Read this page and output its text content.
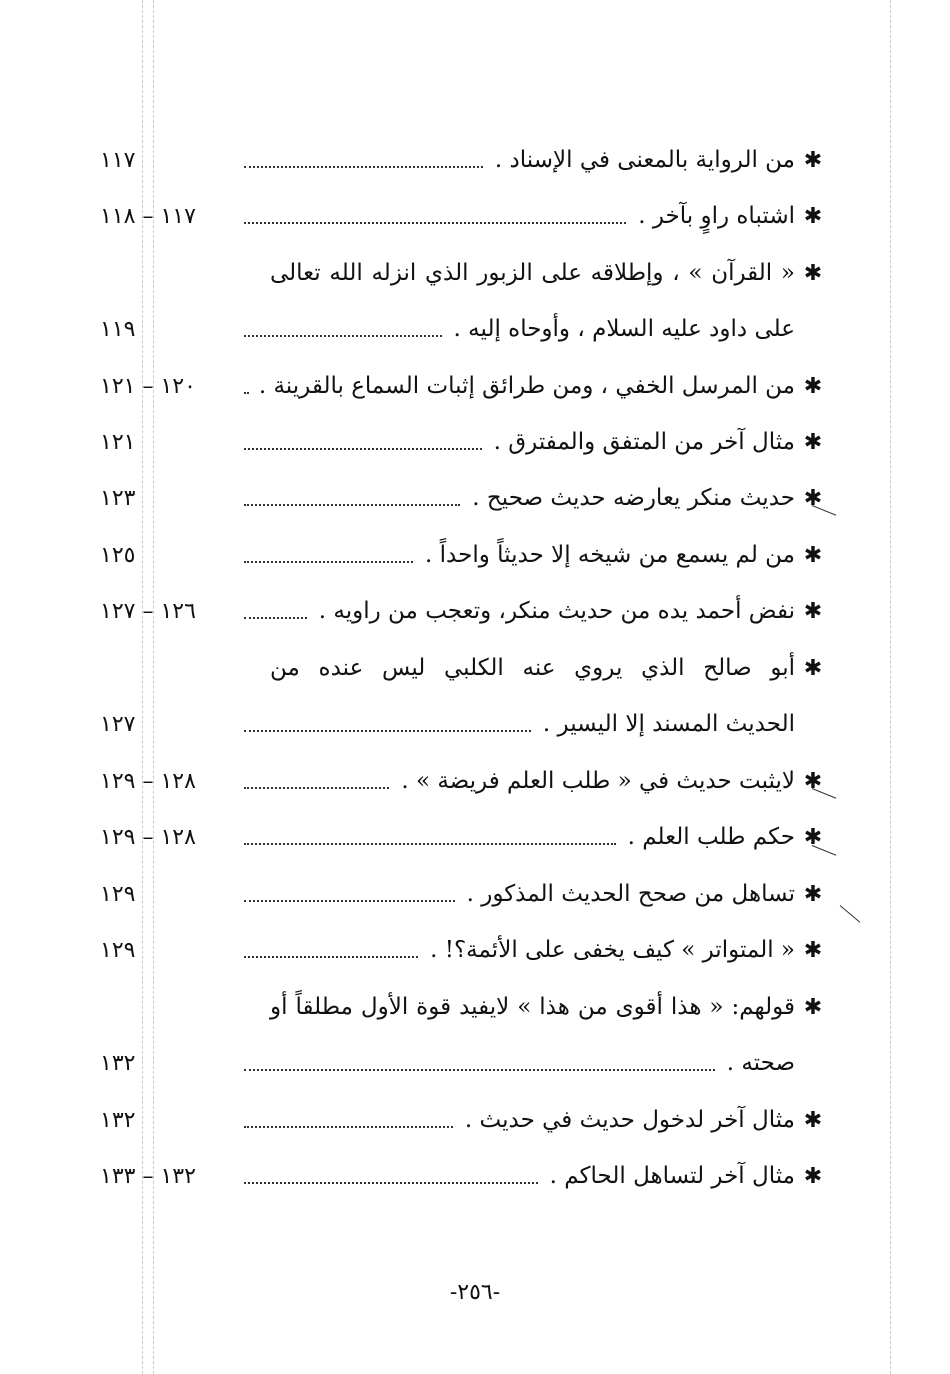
✱
من الرواية بالمعنى في الإسناد .
١١٧
✱
اشتباه راوٍ بآخر .
١١٧ – ١١٨
✱
« القرآن » ، وإطلاقه على الزبور الذي انزله الله تعالى
على داود عليه السلام ، وأوحاه إليه .
١١٩
✱
من المرسل الخفي ، ومن طرائق إثبات السماع بالقرينة .
١٢٠ – ١٢١
✱
مثال آخر من المتفق والمفترق .
١٢١
✱
حديث منكر يعارضه حديث صحيح .
١٢٣
✱
من لم يسمع من شيخه إلا حديثاً واحداً .
١٢٥
✱
نفض أحمد يده من حديث منكر، وتعجب من راويه .
١٢٦ – ١٢٧
✱
أبو صالح الذي يروي عنه الكلبي ليس عنده من
الحديث المسند إلا اليسير .
١٢٧
✱
لايثبت حديث في « طلب العلم فريضة » .
١٢٨ – ١٢٩
✱
حكم طلب العلم .
١٢٨ – ١٢٩
✱
تساهل من صحح الحديث المذكور .
١٢٩
✱
« المتواتر » كيف يخفى على الأئمة؟! .
١٢٩
✱
قولهم: « هذا أقوى من هذا » لايفيد قوة الأول مطلقاً أو
صحته .
١٣٢
✱
مثال آخر لدخول حديث في حديث .
١٣٢
✱
مثال آخر لتساهل الحاكم .
١٣٢ – ١٣٣
-٢٥٦-
